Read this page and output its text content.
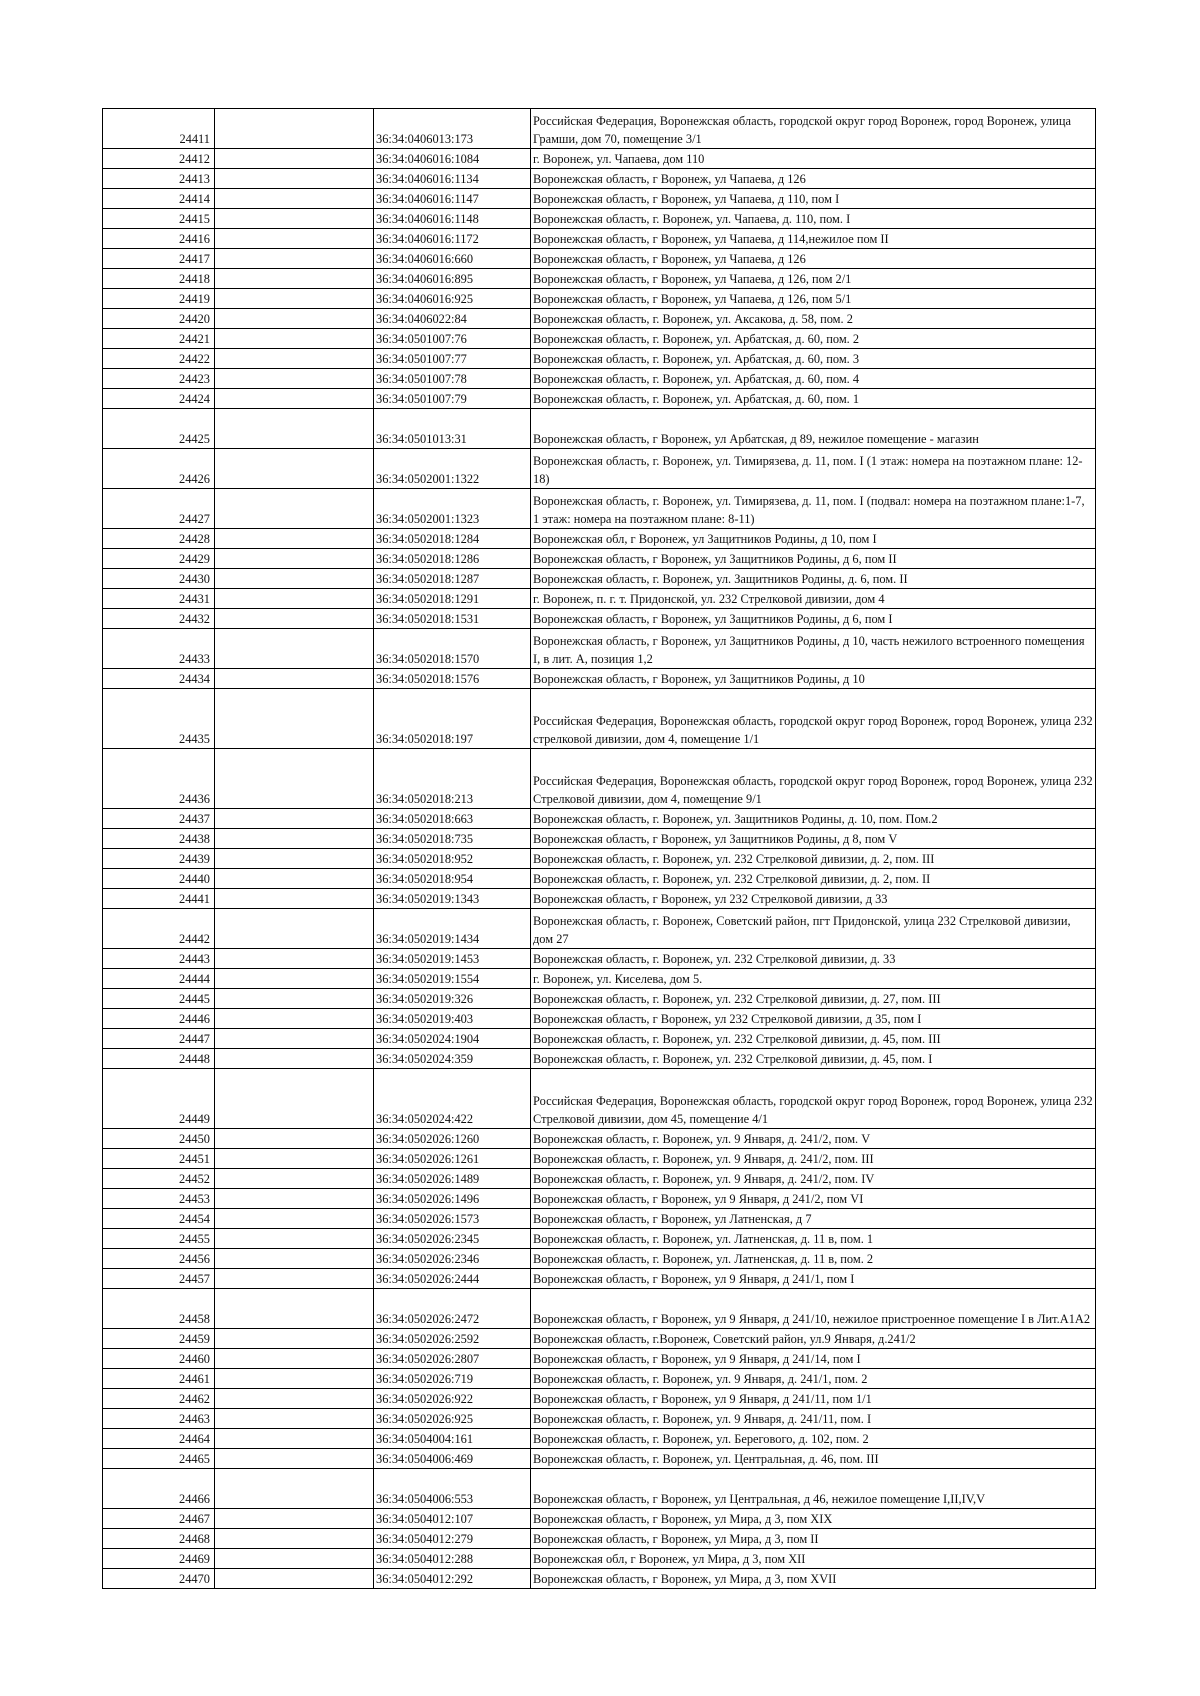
24411		36:34:0406013:173	Российская Федерация, Воронежская область, городской округ город Воронеж, город Воронеж, улица Грамши, дом 70, помещение 3/1
24412		36:34:0406016:1084	г. Воронеж, ул. Чапаева, дом 110
24413		36:34:0406016:1134	Воронежская область, г Воронеж, ул Чапаева, д 126
24414		36:34:0406016:1147	Воронежская область, г Воронеж, ул Чапаева, д 110, пом I
24415		36:34:0406016:1148	Воронежская область, г. Воронеж, ул. Чапаева, д. 110, пом. I
24416		36:34:0406016:1172	Воронежская область, г Воронеж, ул Чапаева, д 114,нежилое пом II
24417		36:34:0406016:660	Воронежская область, г Воронеж, ул Чапаева, д 126
24418		36:34:0406016:895	Воронежская область, г Воронеж, ул Чапаева, д 126, пом 2/1
24419		36:34:0406016:925	Воронежская область, г Воронеж, ул Чапаева, д 126, пом 5/1
24420		36:34:0406022:84	Воронежская область, г. Воронеж, ул. Аксакова, д. 58, пом. 2
24421		36:34:0501007:76	Воронежская область, г. Воронеж, ул. Арбатская, д. 60, пом. 2
24422		36:34:0501007:77	Воронежская область, г. Воронеж, ул. Арбатская, д. 60, пом. 3
24423		36:34:0501007:78	Воронежская область, г. Воронеж, ул. Арбатская, д. 60, пом. 4
24424		36:34:0501007:79	Воронежская область, г. Воронеж, ул. Арбатская, д. 60, пом. 1
24425		36:34:0501013:31	Воронежская область, г Воронеж, ул Арбатская, д 89, нежилое помещение - магазин
24426		36:34:0502001:1322	Воронежская область, г. Воронеж, ул. Тимирязева, д. 11, пом. I (1 этаж: номера на поэтажном плане: 12-18)
24427		36:34:0502001:1323	Воронежская область, г. Воронеж, ул. Тимирязева, д. 11, пом. I (подвал: номера на поэтажном плане:1-7, 1 этаж: номера на поэтажном плане: 8-11)
24428		36:34:0502018:1284	Воронежская обл, г Воронеж, ул Защитников Родины, д 10, пом I
24429		36:34:0502018:1286	Воронежская область, г Воронеж, ул Защитников Родины, д 6, пом II
24430		36:34:0502018:1287	Воронежская область, г. Воронеж, ул. Защитников Родины, д. 6, пом. II
24431		36:34:0502018:1291	г. Воронеж, п. г. т. Придонской, ул. 232 Стрелковой дивизии, дом 4
24432		36:34:0502018:1531	Воронежская область, г Воронеж, ул Защитников Родины, д 6, пом I
24433		36:34:0502018:1570	Воронежская область, г Воронеж, ул Защитников Родины, д 10, часть нежилого встроенного помещения I, в лит. А, позиция 1,2
24434		36:34:0502018:1576	Воронежская область, г Воронеж, ул Защитников Родины, д 10
24435		36:34:0502018:197	Российская Федерация, Воронежская область, городской округ город Воронеж, город Воронеж, улица 232 стрелковой дивизии, дом 4, помещение 1/1
24436		36:34:0502018:213	Российская Федерация, Воронежская область, городской округ город Воронеж, город Воронеж, улица 232 Стрелковой дивизии, дом 4, помещение 9/1
24437		36:34:0502018:663	Воронежская область, г. Воронеж, ул. Защитников Родины, д. 10, пом. Пом.2
24438		36:34:0502018:735	Воронежская область, г Воронеж, ул Защитников Родины, д 8, пом V
24439		36:34:0502018:952	Воронежская область, г. Воронеж, ул. 232 Стрелковой дивизии, д. 2, пом. III
24440		36:34:0502018:954	Воронежская область, г. Воронеж, ул. 232 Стрелковой дивизии, д. 2, пом. II
24441		36:34:0502019:1343	Воронежская область, г Воронеж, ул 232 Стрелковой дивизии, д 33
24442		36:34:0502019:1434	Воронежская область, г. Воронеж, Советский район, пгт Придонской, улица 232 Стрелковой дивизии, дом 27
24443		36:34:0502019:1453	Воронежская область, г. Воронеж, ул. 232 Стрелковой дивизии, д. 33
24444		36:34:0502019:1554	г. Воронеж, ул. Киселева, дом 5.
24445		36:34:0502019:326	Воронежская область, г. Воронеж, ул. 232 Стрелковой дивизии, д. 27, пом. III
24446		36:34:0502019:403	Воронежская область, г Воронеж, ул 232 Стрелковой дивизии, д 35, пом I
24447		36:34:0502024:1904	Воронежская область, г. Воронеж, ул. 232 Стрелковой дивизии, д. 45, пом. III
24448		36:34:0502024:359	Воронежская область, г. Воронеж, ул. 232 Стрелковой дивизии, д. 45, пом. I
24449		36:34:0502024:422	Российская Федерация, Воронежская область, городской округ город Воронеж, город Воронеж, улица 232 Стрелковой дивизии, дом 45, помещение 4/1
24450		36:34:0502026:1260	Воронежская область, г. Воронеж, ул. 9 Января, д. 241/2, пом. V
24451		36:34:0502026:1261	Воронежская область, г. Воронеж, ул. 9 Января, д. 241/2, пом. III
24452		36:34:0502026:1489	Воронежская область, г. Воронеж, ул. 9 Января, д. 241/2, пом. IV
24453		36:34:0502026:1496	Воронежская область, г Воронеж, ул 9 Января, д 241/2, пом VI
24454		36:34:0502026:1573	Воронежская область, г Воронеж, ул Латненская, д 7
24455		36:34:0502026:2345	Воронежская область, г. Воронеж, ул. Латненская, д. 11 в, пом. 1
24456		36:34:0502026:2346	Воронежская область, г. Воронеж, ул. Латненская, д. 11 в, пом. 2
24457		36:34:0502026:2444	Воронежская область, г Воронеж, ул 9 Января, д 241/1, пом I
24458		36:34:0502026:2472	Воронежская область, г Воронеж, ул 9 Января, д 241/10, нежилое пристроенное помещение I в Лит.А1А2
24459		36:34:0502026:2592	Воронежская область, г.Воронеж, Советский район, ул.9 Января, д.241/2
24460		36:34:0502026:2807	Воронежская область, г Воронеж, ул 9 Января, д 241/14, пом I
24461		36:34:0502026:719	Воронежская область, г. Воронеж, ул. 9 Января, д. 241/1, пом. 2
24462		36:34:0502026:922	Воронежская область, г Воронеж, ул 9 Января, д 241/11, пом 1/1
24463		36:34:0502026:925	Воронежская область, г. Воронеж, ул. 9 Января, д. 241/11, пом. I
24464		36:34:0504004:161	Воронежская область, г. Воронеж, ул. Берегового, д. 102, пом. 2
24465		36:34:0504006:469	Воронежская область, г. Воронеж, ул. Центральная, д. 46, пом. III
24466		36:34:0504006:553	Воронежская область, г Воронеж, ул Центральная, д 46, нежилое помещение I,II,IV,V
24467		36:34:0504012:107	Воронежская область, г Воронеж, ул Мира, д 3, пом XIX
24468		36:34:0504012:279	Воронежская область, г Воронеж, ул Мира, д 3, пом II
24469		36:34:0504012:288	Воронежская обл, г Воронеж, ул Мира, д 3, пом XII
24470		36:34:0504012:292	Воронежская область, г Воронеж, ул Мира, д 3, пом XVII
